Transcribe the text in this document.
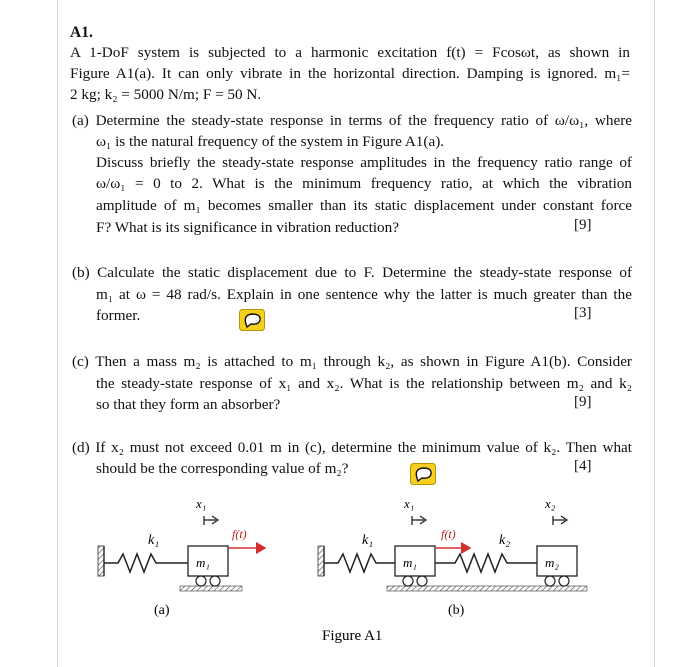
A1.
A 1-DoF system is subjected to a harmonic excitation f(t) = Fcosωt, as shown in
Figure A1(a). It can only vibrate in the horizontal direction. Damping is ignored. m₁=
2 kg; k₂ = 5000 N/m; F = 50 N.
(a) Determine the steady-state response in terms of the frequency ratio of ω/ω₁, where
ω₁ is the natural frequency of the system in Figure A1(a).
Discuss briefly the steady-state response amplitudes in the frequency ratio range of
ω/ω₁ = 0 to 2. What is the minimum frequency ratio, at which the vibration
amplitude of m₁ becomes smaller than its static displacement under constant force
F? What is its significance in vibration reduction?	[9]
(b) Calculate the static displacement due to F. Determine the steady-state response of
m₁ at ω = 48 rad/s. Explain in one sentence why the latter is much greater than the
former.	[3]
(c) Then a mass m₂ is attached to m₁ through k₂, as shown in Figure A1(b). Consider
the steady-state response of x₁ and x₂. What is the relationship between m₂ and k₂
so that they form an absorber?	[9]
(d) If x₂ must not exceed 0.01 m in (c), determine the minimum value of k₂. Then what
should be the corresponding value of m₂?	[4]
x₁
f(t)
k₁
m₁
(a)
x₁
f(t)
k₁
m₁
k₂
m₂
x₂
(b)
Figure A1
